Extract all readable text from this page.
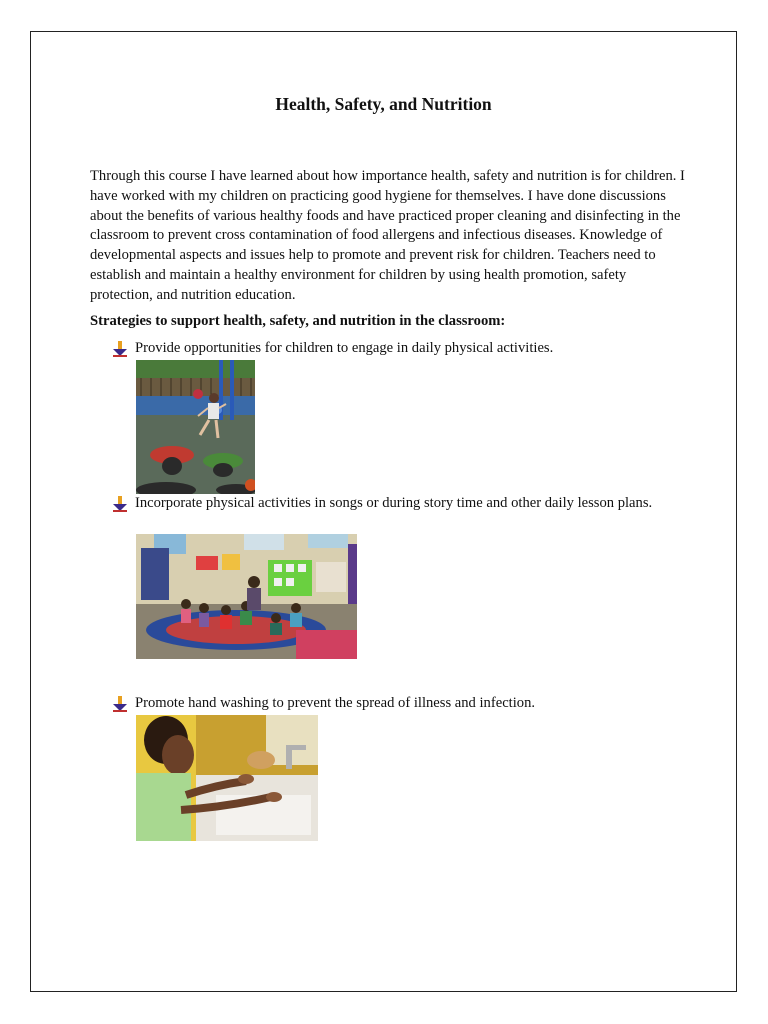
Health, Safety, and Nutrition

Through this course I have learned about how importance health, safety and nutrition is for children. I have worked with my children on practicing good hygiene for themselves. I have done discussions about the benefits of various healthy foods and have practiced proper cleaning and disinfecting in the classroom to prevent cross contamination of food allergens and infectious diseases. Knowledge of developmental aspects and issues help to promote and prevent risk for children. Teachers need to establish and maintain a healthy environment for children by using health promotion, safety protection, and nutrition education.

Strategies to support health, safety, and nutrition in the classroom:

Provide opportunities for children to engage in daily physical activities.
Incorporate physical activities in songs or during story time and other daily lesson plans.
Promote hand washing to prevent the spread of illness and infection.
